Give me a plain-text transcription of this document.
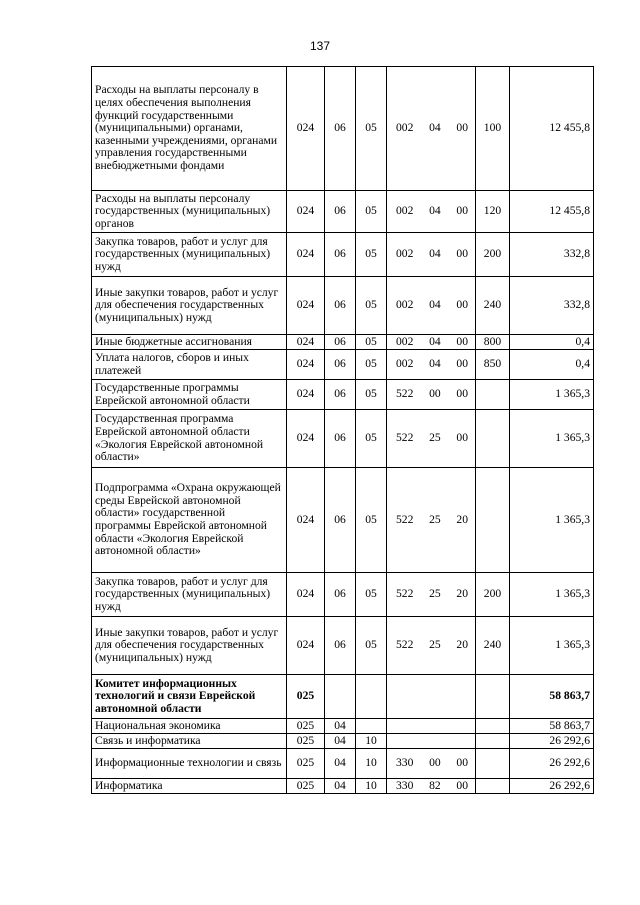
137
Расходы на выплаты персоналу в целях обеспечения выполнения функций государственными (муниципальными) органами, казенными учреждениями, органами управления государственными внебюджетными фондами	024	06	05	002 04 00	100	12 455,8
Расходы на выплаты персоналу государственных (муниципальных) органов	024	06	05	002 04 00	120	12 455,8
Закупка товаров, работ и услуг для государственных (муниципальных) нужд	024	06	05	002 04 00	200	332,8
Иные закупки товаров, работ и услуг для обеспечения государственных (муниципальных) нужд	024	06	05	002 04 00	240	332,8
Иные бюджетные ассигнования	024	06	05	002 04 00	800	0,4
Уплата налогов, сборов и иных платежей	024	06	05	002 04 00	850	0,4
Государственные программы Еврейской автономной области	024	06	05	522 00 00		1 365,3
Государственная программа Еврейской автономной области «Экология Еврейской автономной области»	024	06	05	522 25 00		1 365,3
Подпрограмма «Охрана окружающей среды Еврейской автономной области» государственной программы Еврейской автономной области «Экология Еврейской автономной области»	024	06	05	522 25 20		1 365,3
Закупка товаров, работ и услуг для государственных (муниципальных) нужд	024	06	05	522 25 20	200	1 365,3
Иные закупки товаров, работ и услуг для обеспечения государственных (муниципальных) нужд	024	06	05	522 25 20	240	1 365,3
Комитет информационных технологий и связи Еврейской автономной области	025					58 863,7
Национальная экономика	025	04				58 863,7
Связь и информатика	025	04	10			26 292,6
Информационные технологии и связь	025	04	10	330 00 00		26 292,6
Информатика	025	04	10	330 82 00		26 292,6
